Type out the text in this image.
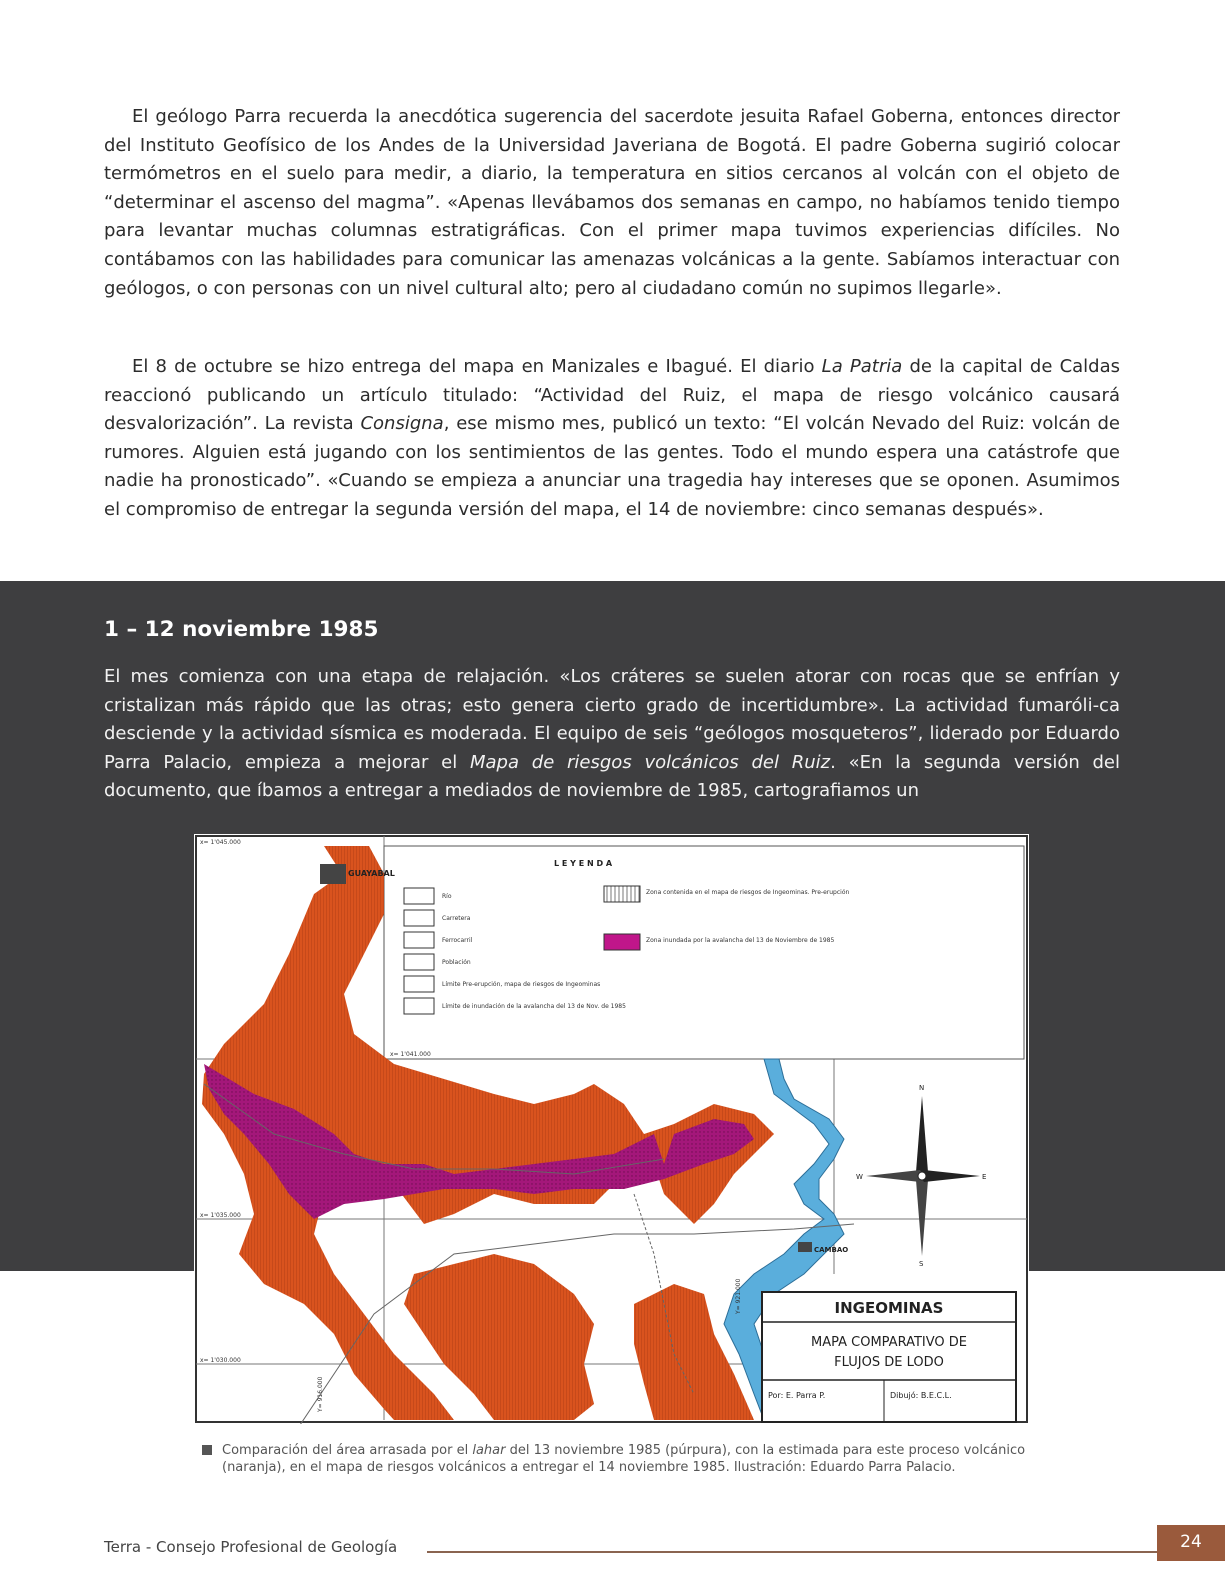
El geólogo Parra recuerda la anecdótica sugerencia del sacerdote jesuita Rafael Goberna, entonces director del Instituto Geofísico de los Andes de la Universidad Javeriana de Bogotá. El padre Goberna sugirió colocar termómetros en el suelo para medir, a diario, la temperatura en sitios cercanos al volcán con el objeto de “determinar el ascenso del magma”. «Apenas llevábamos dos semanas en campo, no habíamos tenido tiempo para levantar muchas columnas estratigráficas. Con el primer mapa tuvimos experiencias difíciles. No contábamos con las habilidades para comunicar las amenazas volcánicas a la gente. Sabíamos interactuar con geólogos, o con personas con un nivel cultural alto; pero al ciudadano común no supimos llegarle».

El 8 de octubre se hizo entrega del mapa en Manizales e Ibagué. El diario La Patria de la capital de Caldas reaccionó publicando un artículo titulado: “Actividad del Ruiz, el mapa de riesgo volcánico causará desvalorización”. La revista Consigna, ese mismo mes, publicó un texto: “El volcán Nevado del Ruiz: volcán de rumores. Alguien está jugando con los sentimientos de las gentes. Todo el mundo espera una catástrofe que nadie ha pronosticado”. «Cuando se empieza a anunciar una tragedia hay intereses que se oponen. Asumimos el compromiso de entregar la segunda versión del mapa, el 14 de noviembre: cinco semanas después».

1 – 12 noviembre 1985

El mes comienza con una etapa de relajación. «Los cráteres se suelen atorar con rocas que se enfrían y cristalizan más rápido que las otras; esto genera cierto grado de incertidumbre». La actividad fumaróli-ca desciende y la actividad sísmica es moderada. El equipo de seis “geólogos mosqueteros”, liderado por Eduardo Parra Palacio, empieza a mejorar el Mapa de riesgos volcánicos del Ruiz. «En la segunda versión del documento, que íbamos a entregar a mediados de noviembre de 1985, cartografiamos un

GUAYABAL
CAMBAO
L E Y E N D A
Río
Carretera
Ferrocarril
Población
Límite Pre-erupción, mapa de riesgos de Ingeominas
Límite de inundación de la avalancha del 13 de Nov. de 1985
Zona contenida en el mapa de riesgos de Ingeominas. Pre-erupción
Zona inundada por la avalancha del 13 de Noviembre de 1985
x= 1'045.000
x= 1'041.000
x= 1'035.000
x= 1'030.000
Y= 921.000
Y= 916.000
N
S
W	E
INGEOMINAS
MAPA COMPARATIVO DE
FLUJOS DE LODO
Por: E. Parra P.	Dibujó: B.E.C.L.
Comparación del área arrasada por el lahar del 13 noviembre 1985 (púrpura), con la estimada para este proceso volcánico (naranja), en el mapa de riesgos volcánicos a entregar el 14 noviembre 1985. Ilustración: Eduardo Parra Palacio.
Terra - Consejo Profesional de Geología	24
